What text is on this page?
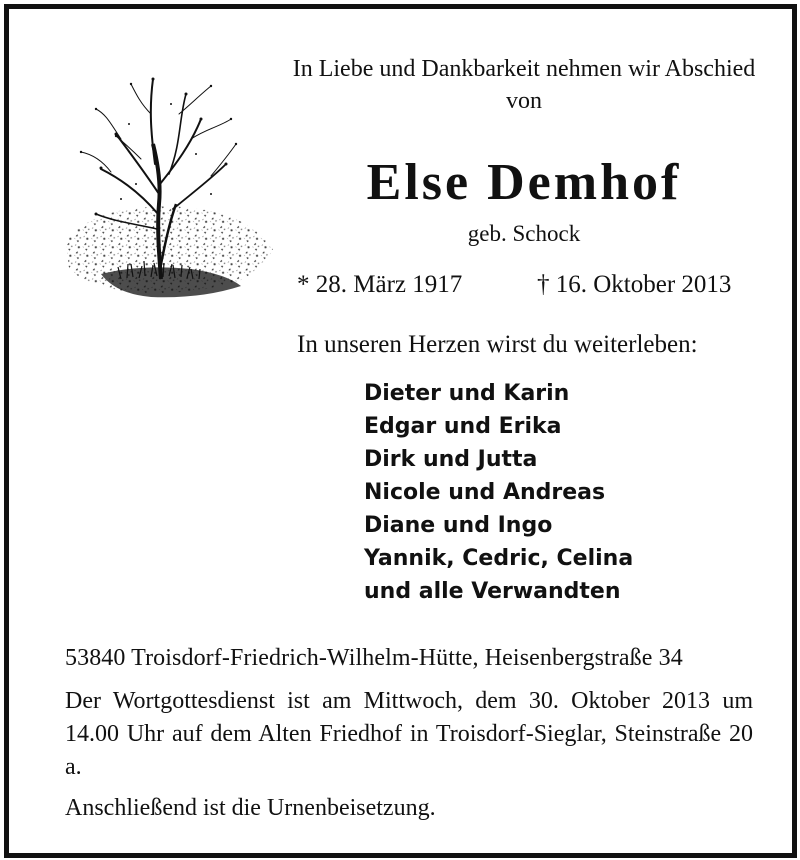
In Liebe und Dankbarkeit nehmen wir Abschied von
Else Demhof
geb. Schock
* 28. März 1917	† 16. Oktober 2013
In unseren Herzen wirst du weiterleben:
Dieter und Karin
Edgar und Erika
Dirk und Jutta
Nicole und Andreas
Diane und Ingo
Yannik, Cedric, Celina
und alle Verwandten
53840 Troisdorf-Friedrich-Wilhelm-Hütte, Heisenbergstraße 34
Der Wortgottesdienst ist am Mittwoch, dem 30. Oktober 2013 um 14.00 Uhr auf dem Alten Friedhof in Troisdorf-Sieglar, Steinstraße 20 a.
Anschließend ist die Urnenbeisetzung.
